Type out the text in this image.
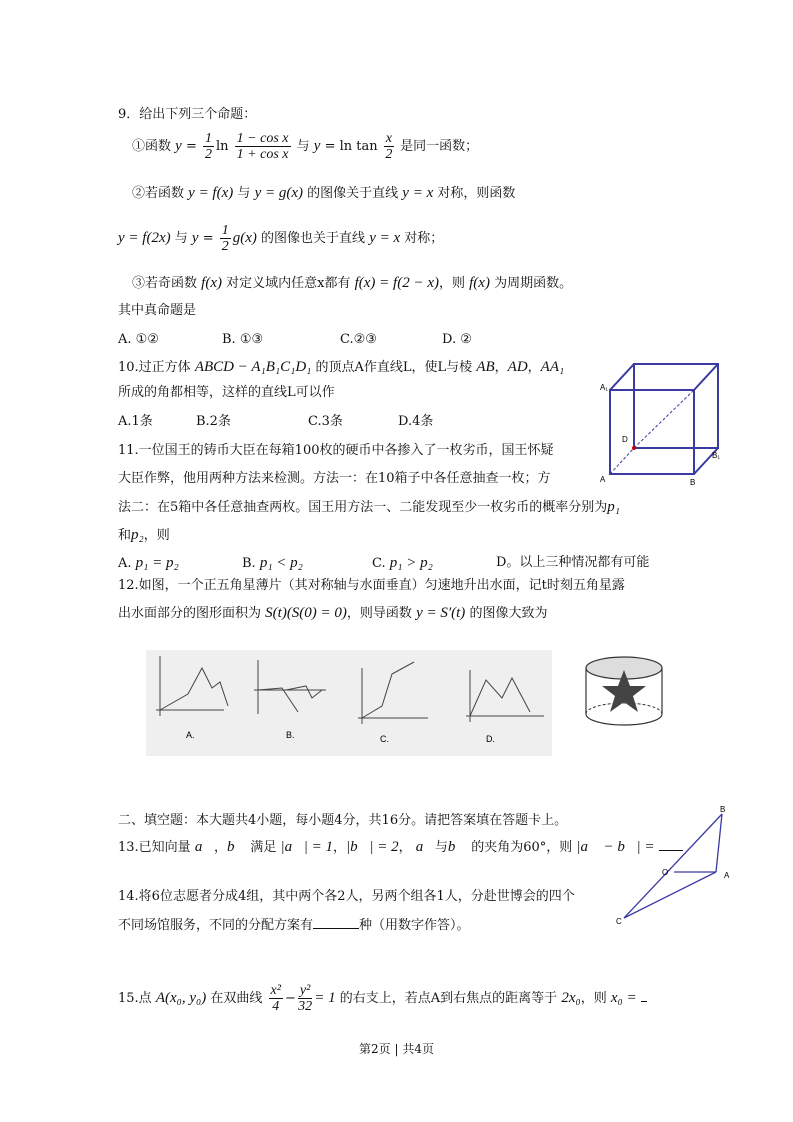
9．给出下列三个命题：
①函数 $y = \frac{1}{2}$ $\ln \frac{\text{1 − cos x}}{\text{1 + cos x}}$ 与 $y = \ln \tan \frac{x}{2}$ 是同一函数；
②若函数 y = f(x) 与 y = g(x) 的图像关于直线 y = x 对称，则函数
y = f(2x) 与 $y = \frac{1}{2} g(x)$ 的图像也关于直线 y = x 对称；
③若奇函数 f(x) 对定义域内任意x都有 f(x) = f(2 − x)，则 f(x) 为周期函数。
其中真命题是
A. ①②	B. ①③	C.②③	D. ②
10.过正方体 ABCD − A₁B₁C₁D₁ 的顶点A作直线L，使L与棱 AB，AD，AA₁
所成的角都相等，这样的直线L可以作
A.1条	B.2条	C.3条	D.4条
A₁
D
A	B
B₁
11.一位国王的铸币大臣在每箱100枚的硬币中各掺入了一枚劣币，国王怀疑
大臣作弊，他用两种方法来检测。方法一：在10箱子中各任意抽查一枚；方
法二：在5箱中各任意抽查两枚。国王用方法一、二能发现至少一枚劣币的概率分别为p₁
和p₂，则
A. p₁ = p₂	B. p₁ < p₂	C. p₁ > p₂	D。以上三种情况都有可能
12.如图，一个正五角星薄片（其对称轴与水面垂直）匀速地升出水面，记t时刻五角星露
出水面部分的图形面积为 S(t)(S(0) = 0)，则导函数 y = S′(t) 的图像大致为
A.	B.	C.	D.
二、填空题：本大题共4小题，每小题4分，共16分。请把答案填在答题卡上。
13.已知向量 a⃗，b⃗ 满足 |a⃗| = 1，|b⃗| = 2， a⃗与b⃗ 的夹角为60°，则 |a⃗ − b⃗| =
B
O	A
C
14.将6位志愿者分成4组，其中两个各2人，另两个组各1人，分赴世博会的四个
不同场馆服务，不同的分配方案有	种（用数字作答）。
15.点 A(x₀, y₀) 在双曲线 $\frac{\text{x²}}{4} - \frac{\text{y²}}{32} = 1$ 的右支上，若点A到右焦点的距离等于 2x₀，则 x₀ =
第2页 | 共4页
